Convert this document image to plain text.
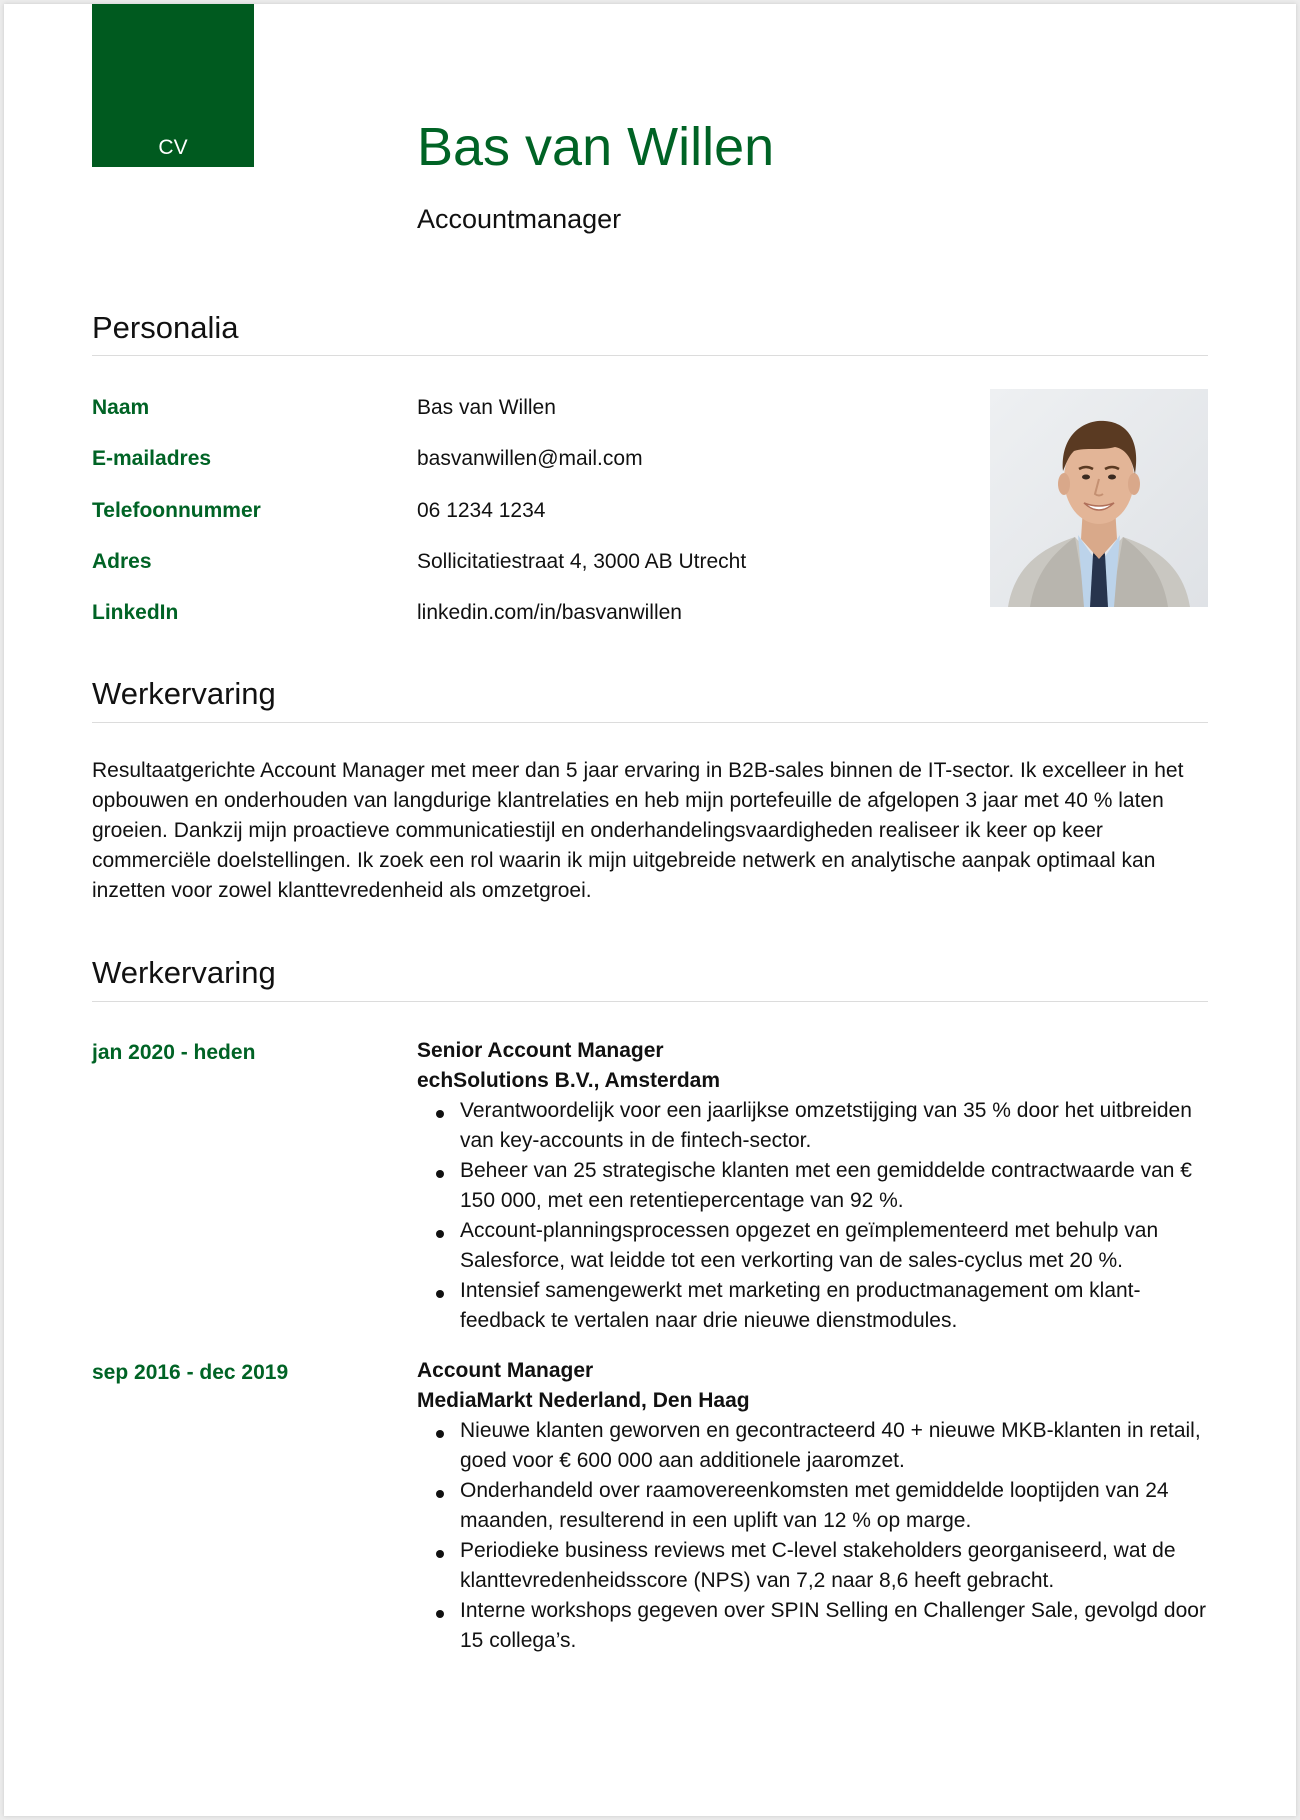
CV	Bas van Willen
Accountmanager
Personalia
Naam	Bas van Willen
E-mailadres	basvanwillen@mail.com
Telefoonnummer	06 1234 1234
Adres	Sollicitatiestraat 4, 3000 AB Utrecht
LinkedIn	linkedin.com/in/basvanwillen
Werkervaring

Resultaatgerichte Account Manager met meer dan 5 jaar ervaring in B2B-sales binnen de IT-sector. Ik excelleer in het opbouwen en onderhouden van langdurige klantrelaties en heb mijn portefeuille de afgelopen 3 jaar met 40 % laten groeien. Dankzij mijn proactieve communicatiestijl en onderhandelingsvaardigheden realiseer ik keer op keer commerciële doelstellingen. Ik zoek een rol waarin ik mijn uitgebreide netwerk en analytische aanpak optimaal kan inzetten voor zowel klanttevredenheid als omzetgroei.

Werkervaring
jan 2020 - heden	Senior Account Manager
echSolutions B.V., Amsterdam
Verantwoordelijk voor een jaarlijkse omzetstijging van 35 % door het uitbreiden van key-accounts in de fintech-sector.
Beheer van 25 strategische klanten met een gemiddelde contractwaarde van € 150 000, met een retentiepercentage van 92 %.
Account-planningsprocessen opgezet en geïmplementeerd met behulp van Salesforce, wat leidde tot een verkorting van de sales-cyclus met 20 %.
Intensief samengewerkt met marketing en productmanagement om klant-feedback te vertalen naar drie nieuwe dienstmodules.
sep 2016 - dec 2019	Account Manager
MediaMarkt Nederland, Den Haag
Nieuwe klanten geworven en gecontracteerd 40 + nieuwe MKB-klanten in retail, goed voor € 600 000 aan additionele jaaromzet.
Onderhandeld over raamovereenkomsten met gemiddelde looptijden van 24 maanden, resulterend in een uplift van 12 % op marge.
Periodieke business reviews met C-level stakeholders georganiseerd, wat de klanttevredenheidsscore (NPS) van 7,2 naar 8,6 heeft gebracht.
Interne workshops gegeven over SPIN Selling en Challenger Sale, gevolgd door 15 collega’s.
